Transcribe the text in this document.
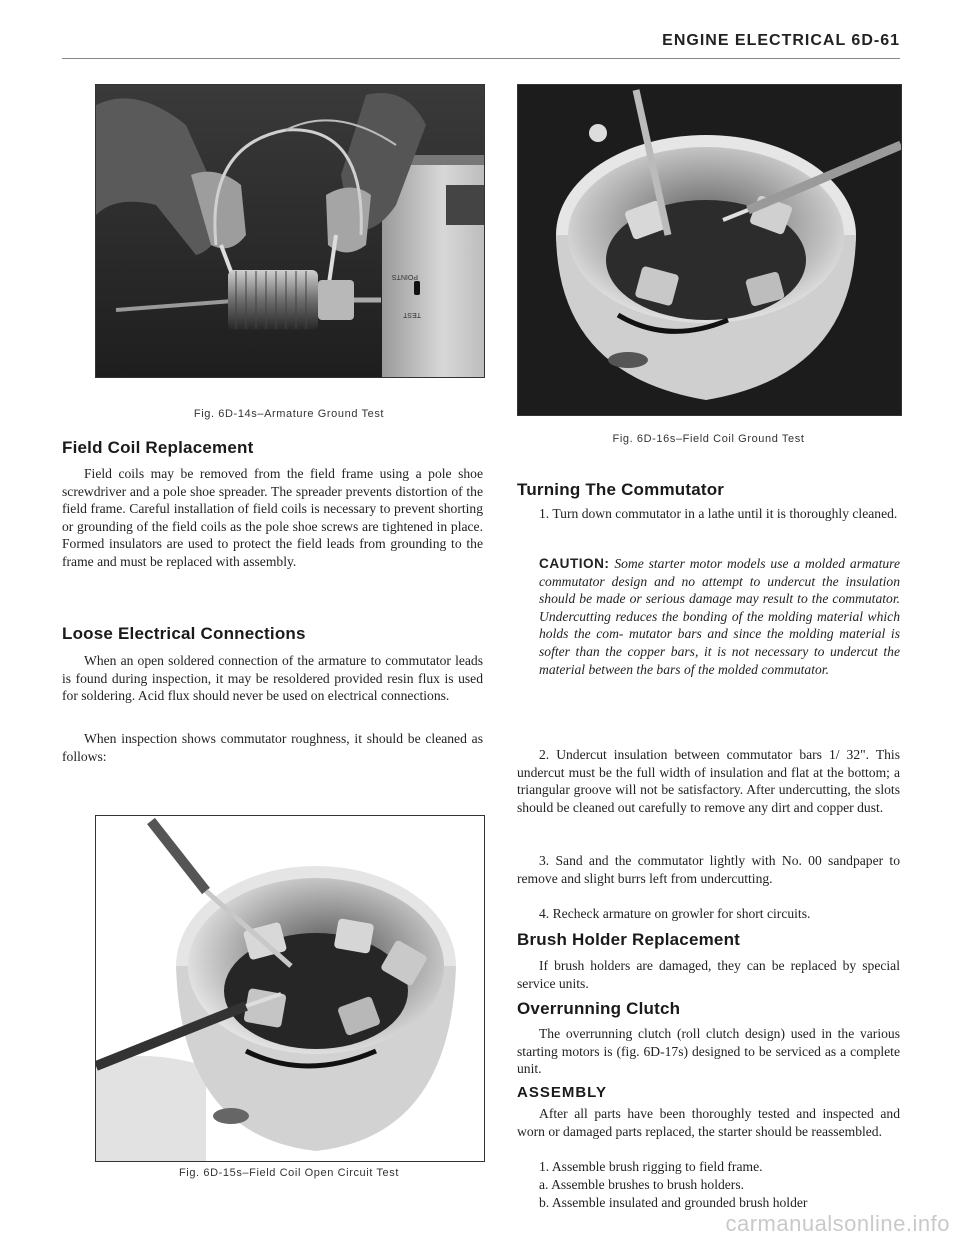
ENGINE ELECTRICAL 6D-61
POINTS
TEST
Fig. 6D-14s–Armature Ground Test
Fig. 6D-16s–Field Coil Ground Test
Field Coil Replacement

Field coils may be removed from the field frame using a pole shoe screwdriver and a pole shoe spreader. The spreader prevents distortion of the field frame. Careful installation of field coils is necessary to prevent shorting or grounding of the field coils as the pole shoe screws are tightened in place. Formed insulators are used to protect the field leads from grounding to the frame and must be replaced with assembly.

Loose Electrical Connections

When an open soldered connection of the armature to commutator leads is found during inspection, it may be resoldered provided resin flux is used for soldering. Acid flux should never be used on electrical connections.

When inspection shows commutator roughness, it should be cleaned as follows:

Fig. 6D-15s–Field Coil Open Circuit Test
Turning The Commutator

1. Turn down commutator in a lathe until it is thoroughly cleaned.

CAUTION: Some starter motor models use a molded armature commutator design and no attempt to undercut the insulation should be made or serious damage may result to the commutator. Undercutting reduces the bonding of the molding material which holds the com- mutator bars and since the molding material is softer than the copper bars, it is not necessary to undercut the material between the bars of the molded commutator.

2. Undercut insulation between commutator bars 1/ 32". This undercut must be the full width of insulation and flat at the bottom; a triangular groove will not be satisfactory. After undercutting, the slots should be cleaned out carefully to remove any dirt and copper dust.

3. Sand and the commutator lightly with No. 00 sandpaper to remove and slight burrs left from undercutting.

4. Recheck armature on growler for short circuits.

Brush Holder Replacement

If brush holders are damaged, they can be replaced by special service units.

Overrunning Clutch

The overrunning clutch (roll clutch design) used in the various starting motors is (fig. 6D-17s) designed to be serviced as a complete unit.

ASSEMBLY

After all parts have been thoroughly tested and inspected and worn or damaged parts replaced, the starter should be reassembled.

1. Assemble brush rigging to field frame.

a. Assemble brushes to brush holders.

b. Assemble insulated and grounded brush holder

carmanualsonline.info
